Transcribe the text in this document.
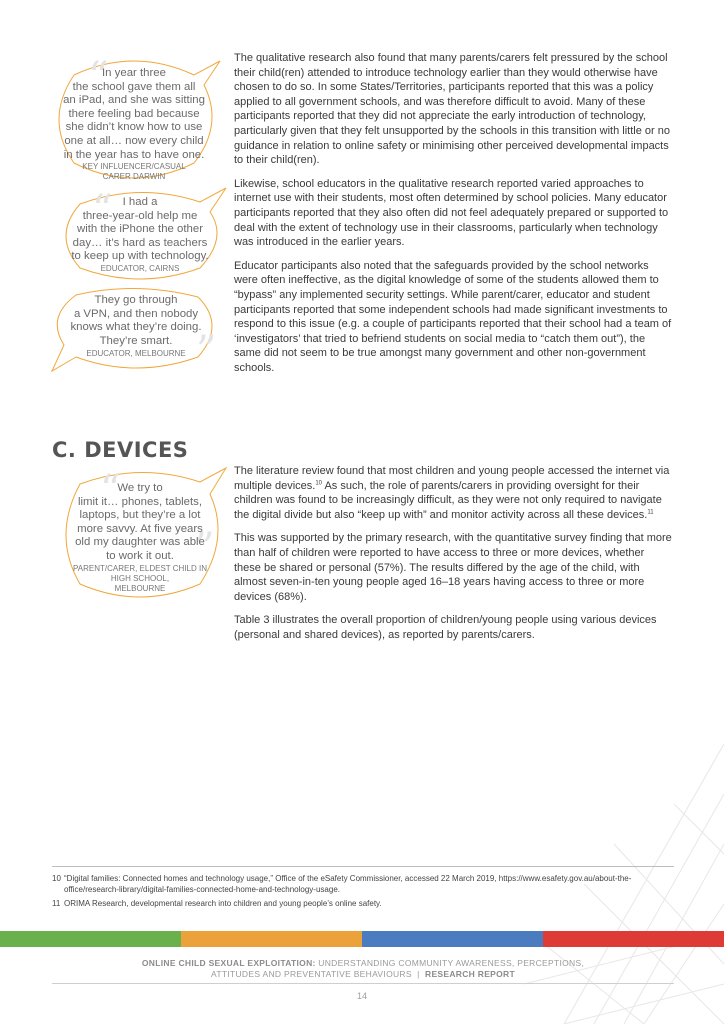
“
In year three
the school gave them all
an iPad, and she was sitting
there feeling bad because
she didn’t know how to use
one at all… now every child
in the year has to have one.
KEY INFLUENCER/CASUAL
CARER DARWIN
“ I had a
three-year-old help me
with the iPhone the other
day… it’s hard as teachers
to keep up with technology.
EDUCATOR, CAIRNS
”
They go through
a VPN, and then nobody
knows what they’re doing.
They’re smart.
EDUCATOR, MELBOURNE

The qualitative research also found that many parents/carers felt pressured by the school their child(ren) attended to introduce technology earlier than they would otherwise have chosen to do so. In some States/Territories, participants reported that this was a policy applied to all government schools, and was therefore difficult to avoid. Many of these participants reported that they did not appreciate the early introduction of technology, particularly given that they felt unsupported by the schools in this transition with little or no guidance in relation to online safety or minimising other perceived developmental impacts to their child(ren).

Likewise, school educators in the qualitative research reported varied approaches to internet use with their students, most often determined by school policies. Many educator participants reported that they also often did not feel adequately prepared or supported to deal with the extent of technology use in their classrooms, particularly when technology was introduced in the earlier years.

Educator participants also noted that the safeguards provided by the school networks were often ineffective, as the digital knowledge of some of the students allowed them to “bypass” any implemented security settings. While parent/carer, educator and student participants reported that some independent schools had made significant investments to respond to this issue (e.g. a couple of participants reported that their school had a team of ‘investigators’ that tried to befriend students on social media to “catch them out”), the same did not seem to be true amongst many government and other non-government schools.

C. DEVICES
“
”
We try to
limit it… phones, tablets,
laptops, but they’re a lot
more savvy. At five years
old my daughter was able
to work it out.
PARENT/CARER, ELDEST CHILD IN
HIGH SCHOOL,
MELBOURNE

The literature review found that most children and young people accessed the internet via multiple devices.$^{10}$ As such, the role of parents/carers in providing oversight for their children was found to be increasingly difficult, as they were not only required to navigate the digital divide but also “keep up with” and monitor activity across all these devices.$^{11}$

This was supported by the primary research, with the quantitative survey finding that more than half of children were reported to have access to three or more devices, whether these be shared or personal (57%). The results differed by the age of the child, with almost seven-in-ten young people aged 16–18 years having access to three or more devices (68%).

Table 3 illustrates the overall proportion of children/young people using various devices (personal and shared devices), as reported by parents/carers.

10 “Digital families: Connected homes and technology usage,” Office of the eSafety Commissioner, accessed 22 March 2019, https://www.esafety.gov.au/about-the-office/research-library/digital-families-connected-home-and-technology-usage.
11 ORIMA Research, developmental research into children and young people’s online safety.
ONLINE CHILD SEXUAL EXPLOITATION: UNDERSTANDING COMMUNITY AWARENESS, PERCEPTIONS,
ATTITUDES AND PREVENTATIVE BEHAVIOURS | RESEARCH REPORT
14
